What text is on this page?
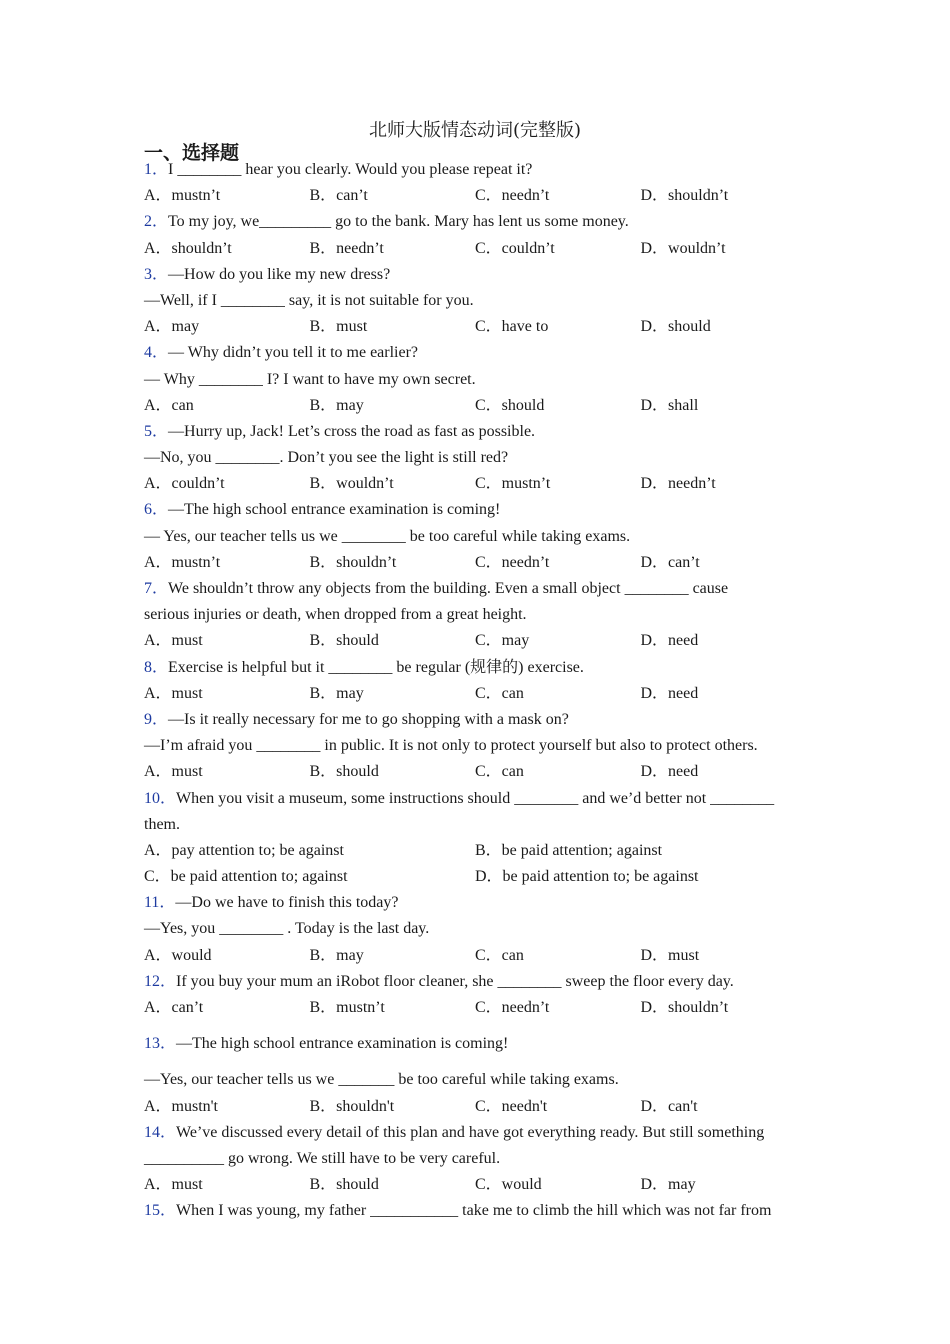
北师大版情态动词(完整版)
一、选择题
1．I ________ hear you clearly. Would you please repeat it?
A．mustn’t	B．can’t	C．needn’t	D．shouldn’t
2．To my joy, we_________ go to the bank. Mary has lent us some money.
A．shouldn’t	B．needn’t	C．couldn’t	D．wouldn’t
3．—How do you like my new dress?
—Well, if I ________ say, it is not suitable for you.
A．may	B．must	C．have to	D．should
4．— Why didn’t you tell it to me earlier?
— Why ________ I? I want to have my own secret.
A．can	B．may	C．should	D．shall
5．—Hurry up, Jack! Let’s cross the road as fast as possible.
—No, you ________. Don’t you see the light is still red?
A．couldn’t	B．wouldn’t	C．mustn’t	D．needn’t
6．—The high school entrance examination is coming!
— Yes, our teacher tells us we ________ be too careful while taking exams.
A．mustn’t	B．shouldn’t	C．needn’t	D．can’t
7．We shouldn’t throw any objects from the building. Even a small object ________ cause
serious injuries or death, when dropped from a great height.
A．must	B．should	C．may	D．need
8．Exercise is helpful but it ________ be regular (规律的) exercise.
A．must	B．may	C．can	D．need
9．—Is it really necessary for me to go shopping with a mask on?
—I’m afraid you ________ in public. It is not only to protect yourself but also to protect others.
A．must	B．should	C．can	D．need
10．When you visit a museum, some instructions should ________ and we’d better not ________
them.
A．pay attention to; be against	B．be paid attention; against
C．be paid attention to; against	D．be paid attention to; be against
11．—Do we have to finish this today?
—Yes, you ________ . Today is the last day.
A．would	B．may	C．can	D．must
12．If you buy your mum an iRobot floor cleaner, she ________ sweep the floor every day.
A．can’t	B．mustn’t	C．needn’t	D．shouldn’t
13．—The high school entrance examination is coming!
—Yes, our teacher tells us we _______ be too careful while taking exams.
A．mustn't	B．shouldn't	C．needn't	D．can't
14．We’ve discussed every detail of this plan and have got everything ready. But still something
__________ go wrong. We still have to be very careful.
A．must	B．should	C．would	D．may
15．When I was young, my father ___________ take me to climb the hill which was not far from
